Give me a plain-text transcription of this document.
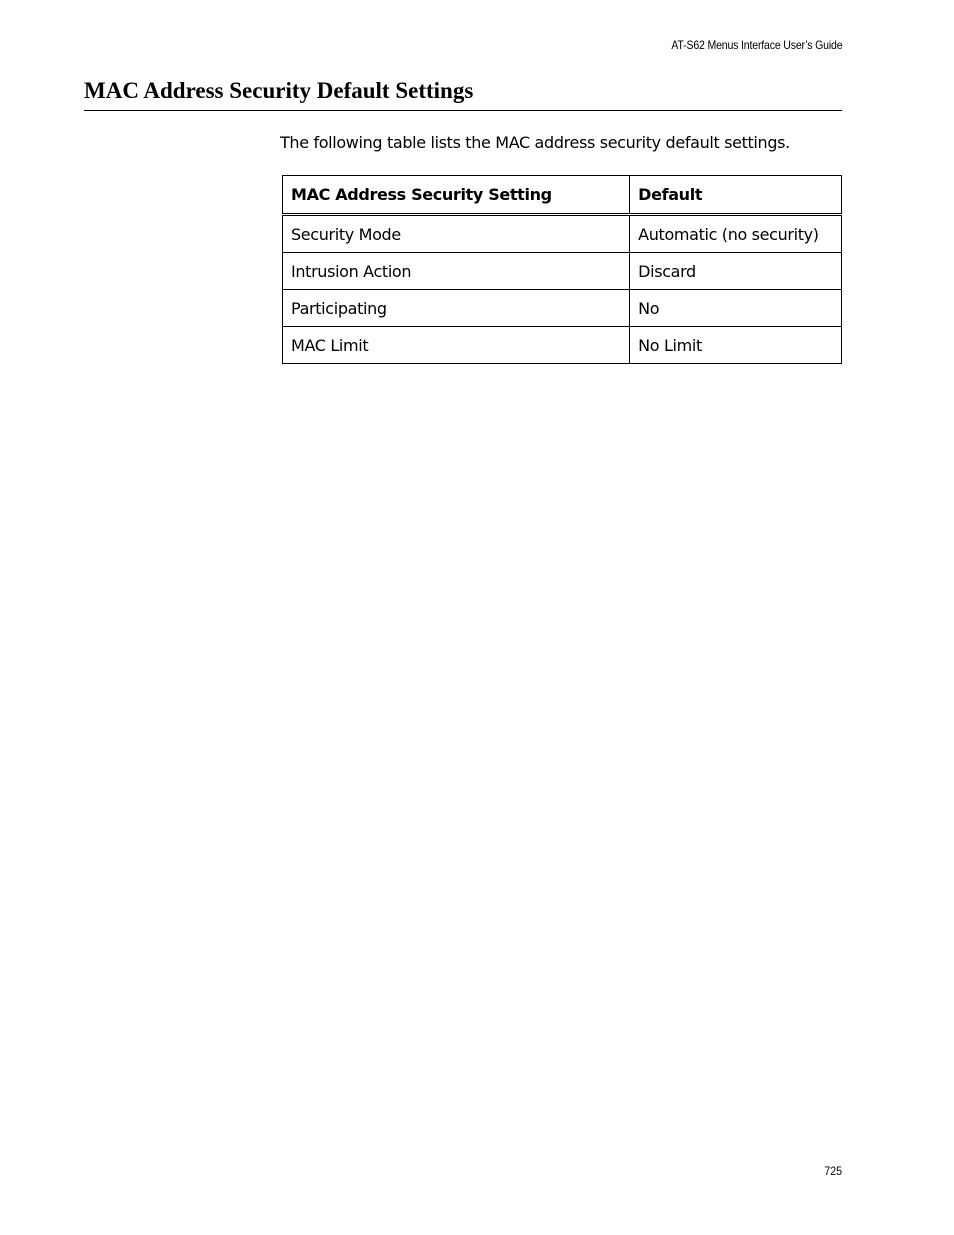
AT-S62 Menus Interface User’s Guide
MAC Address Security Default Settings

The following table lists the MAC address security default settings.

MAC Address Security Setting	Default
Security Mode	Automatic (no security)
Intrusion Action	Discard
Participating	No
MAC Limit	No Limit
725
